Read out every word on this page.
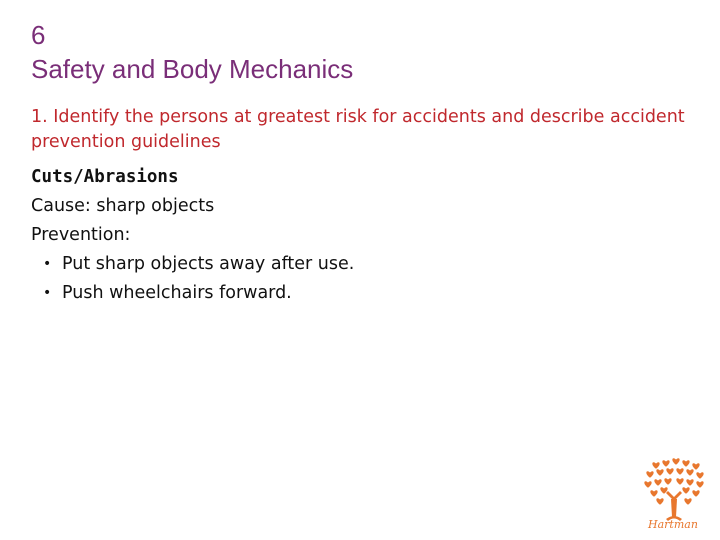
6
Safety and Body Mechanics
1. Identify the persons at greatest risk for accidents and describe accident prevention guidelines
Cuts/Abrasions
Cause: sharp objects
Prevention:
• Put sharp objects away after use.
• Push wheelchairs forward.
Hartman
